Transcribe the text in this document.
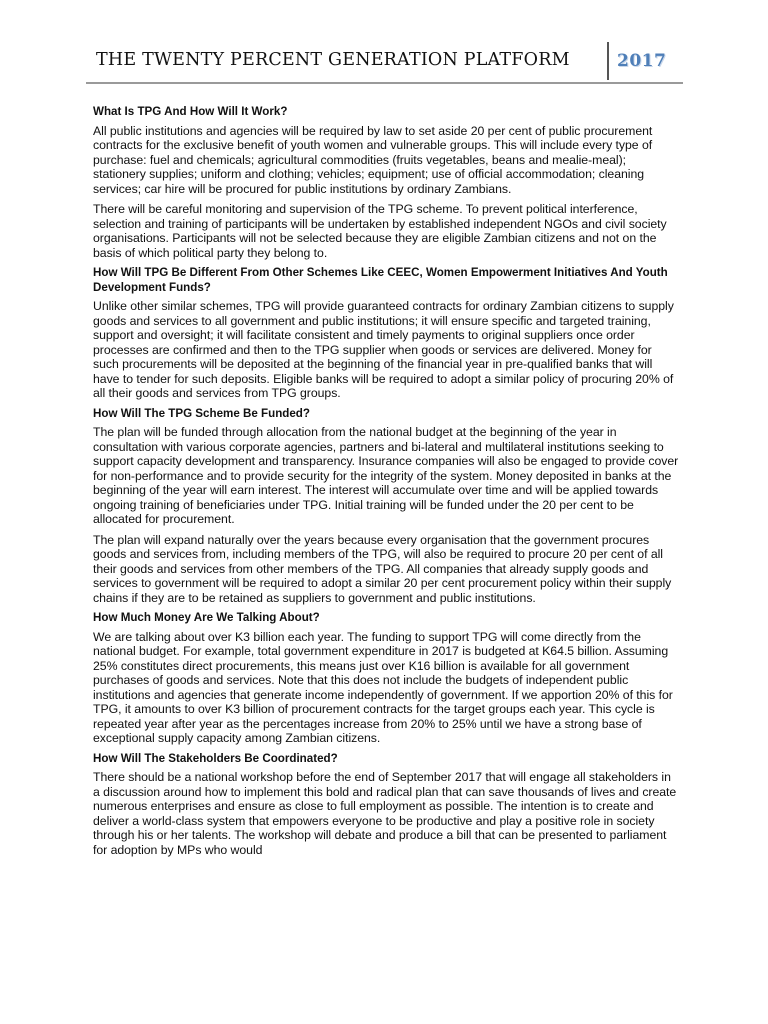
THE TWENTY PERCENT GENERATION PLATFORM	2017
What Is TPG And How Will It Work?

All public institutions and agencies will be required by law to set aside 20 per cent of public procurement contracts for the exclusive benefit of youth women and vulnerable groups. This will include every type of purchase: fuel and chemicals; agricultural commodities (fruits vegetables, beans and mealie-meal); stationery supplies; uniform and clothing; vehicles; equipment; use of official accommodation; cleaning services; car hire will be procured for public institutions by ordinary Zambians.

There will be careful monitoring and supervision of the TPG scheme. To prevent political interference, selection and training of participants will be undertaken by established independent NGOs and civil society organisations. Participants will not be selected because they are eligible Zambian citizens and not on the basis of which political party they belong to.

How Will TPG Be Different From Other Schemes Like CEEC, Women Empowerment Initiatives And Youth Development Funds?

Unlike other similar schemes, TPG will provide guaranteed contracts for ordinary Zambian citizens to supply goods and services to all government and public institutions; it will ensure specific and targeted training, support and oversight; it will facilitate consistent and timely payments to original suppliers once order processes are confirmed and then to the TPG supplier when goods or services are delivered. Money for such procurements will be deposited at the beginning of the financial year in pre-qualified banks that will have to tender for such deposits. Eligible banks will be required to adopt a similar policy of procuring 20% of all their goods and services from TPG groups.

How Will The TPG Scheme Be Funded?

The plan will be funded through allocation from the national budget at the beginning of the year in consultation with various corporate agencies, partners and bi-lateral and multilateral institutions seeking to support capacity development and transparency. Insurance companies will also be engaged to provide cover for non-performance and to provide security for the integrity of the system. Money deposited in banks at the beginning of the year will earn interest. The interest will accumulate over time and will be applied towards ongoing training of beneficiaries under TPG. Initial training will be funded under the 20 per cent to be allocated for procurement.

The plan will expand naturally over the years because every organisation that the government procures goods and services from, including members of the TPG, will also be required to procure 20 per cent of all their goods and services from other members of the TPG. All companies that already supply goods and services to government will be required to adopt a similar 20 per cent procurement policy within their supply chains if they are to be retained as suppliers to government and public institutions.

How Much Money Are We Talking About?

We are talking about over K3 billion each year. The funding to support TPG will come directly from the national budget. For example, total government expenditure in 2017 is budgeted at K64.5 billion. Assuming 25% constitutes direct procurements, this means just over K16 billion is available for all government purchases of goods and services. Note that this does not include the budgets of independent public institutions and agencies that generate income independently of government. If we apportion 20% of this for TPG, it amounts to over K3 billion of procurement contracts for the target groups each year. This cycle is repeated year after year as the percentages increase from 20% to 25% until we have a strong base of exceptional supply capacity among Zambian citizens.

How Will The Stakeholders Be Coordinated?

There should be a national workshop before the end of September 2017 that will engage all stakeholders in a discussion around how to implement this bold and radical plan that can save thousands of lives and create numerous enterprises and ensure as close to full employment as possible. The intention is to create and deliver a world-class system that empowers everyone to be productive and play a positive role in society through his or her talents. The workshop will debate and produce a bill that can be presented to parliament for adoption by MPs who would
